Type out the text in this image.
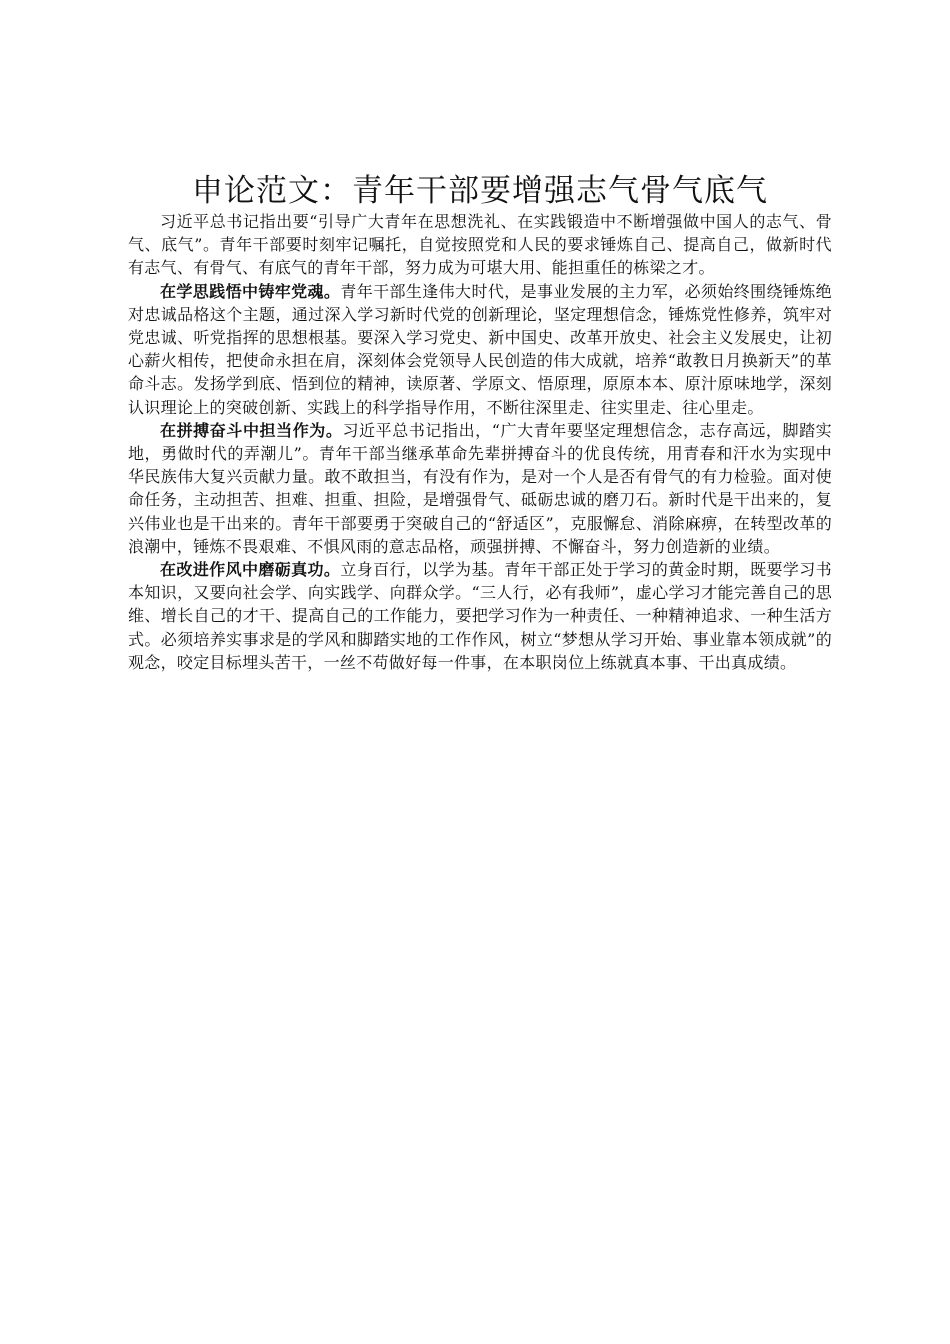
申论范文：青年干部要增强志气骨气底气

习近平总书记指出要“引导广大青年在思想洗礼、在实践锻造中不断增强做中国人的志气、骨气、底气”。青年干部要时刻牢记嘱托，自觉按照党和人民的要求锤炼自己、提高自己，做新时代有志气、有骨气、有底气的青年干部，努力成为可堪大用、能担重任的栋梁之才。

在学思践悟中铸牢党魂。青年干部生逢伟大时代，是事业发展的主力军，必须始终围绕锤炼绝对忠诚品格这个主题，通过深入学习新时代党的创新理论，坚定理想信念，锤炼党性修养，筑牢对党忠诚、听党指挥的思想根基。要深入学习党史、新中国史、改革开放史、社会主义发展史，让初心薪火相传，把使命永担在肩，深刻体会党领导人民创造的伟大成就，培养“敢教日月换新天”的革命斗志。发扬学到底、悟到位的精神，读原著、学原文、悟原理，原原本本、原汁原味地学，深刻认识理论上的突破创新、实践上的科学指导作用，不断往深里走、往实里走、往心里走。

在拼搏奋斗中担当作为。习近平总书记指出，“广大青年要坚定理想信念，志存高远，脚踏实地，勇做时代的弄潮儿”。青年干部当继承革命先辈拼搏奋斗的优良传统，用青春和汗水为实现中华民族伟大复兴贡献力量。敢不敢担当，有没有作为，是对一个人是否有骨气的有力检验。面对使命任务，主动担苦、担难、担重、担险，是增强骨气、砥砺忠诚的磨刀石。新时代是干出来的，复兴伟业也是干出来的。青年干部要勇于突破自己的“舒适区”，克服懈怠、消除麻痹，在转型改革的浪潮中，锤炼不畏艰难、不惧风雨的意志品格，顽强拼搏、不懈奋斗，努力创造新的业绩。

在改进作风中磨砺真功。立身百行，以学为基。青年干部正处于学习的黄金时期，既要学习书本知识，又要向社会学、向实践学、向群众学。“三人行，必有我师”，虚心学习才能完善自己的思维、增长自己的才干、提高自己的工作能力，要把学习作为一种责任、一种精神追求、一种生活方式。必须培养实事求是的学风和脚踏实地的工作作风，树立“梦想从学习开始、事业靠本领成就”的观念，咬定目标埋头苦干，一丝不苟做好每一件事，在本职岗位上练就真本事、干出真成绩。
